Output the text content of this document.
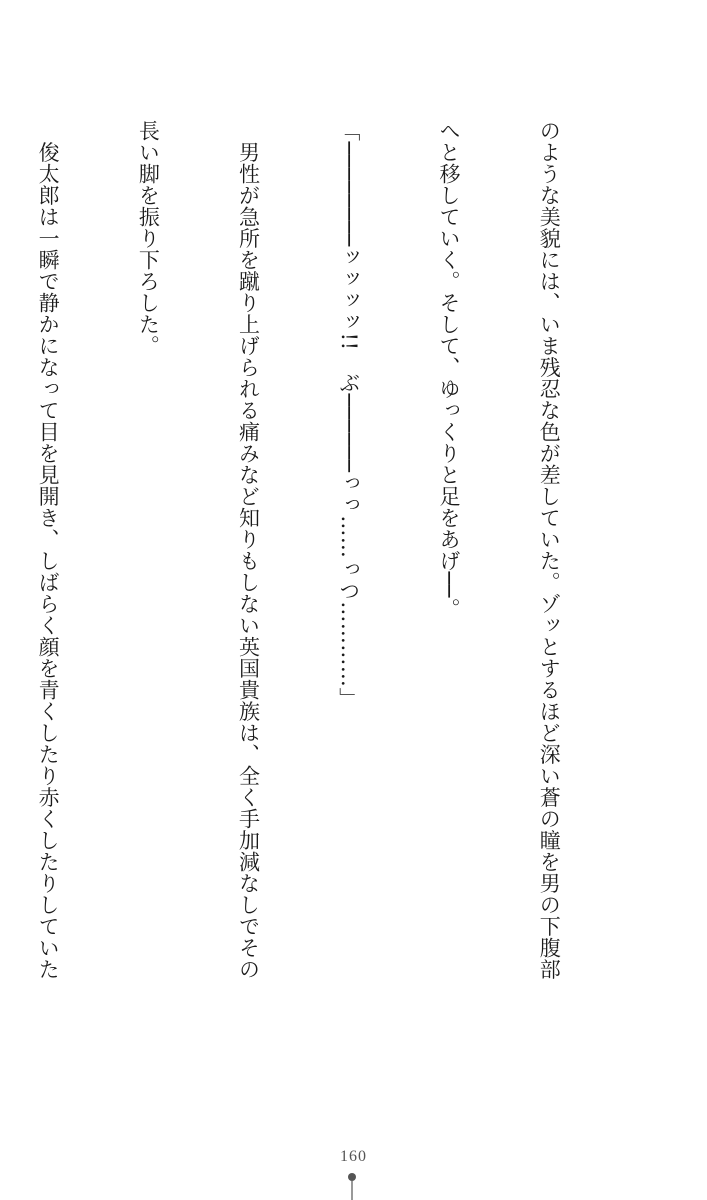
のような美貌には、いま残忍な色が差していた。ゾッとするほど深い蒼の瞳を男の下腹部

へと移していく。そして、ゆっくりと足をあげ──。

「────────ッッッッ!!　ぶ──────っっ……っつ…………」

　男性が急所を蹴り上げられる痛みなど知りもしない英国貴族は、全く手加減なしでその

長い脚を振り下ろした。

　俊太郎は一瞬で静かになって目を見開き、しばらく顔を青くしたり赤くしたりしていた

160
